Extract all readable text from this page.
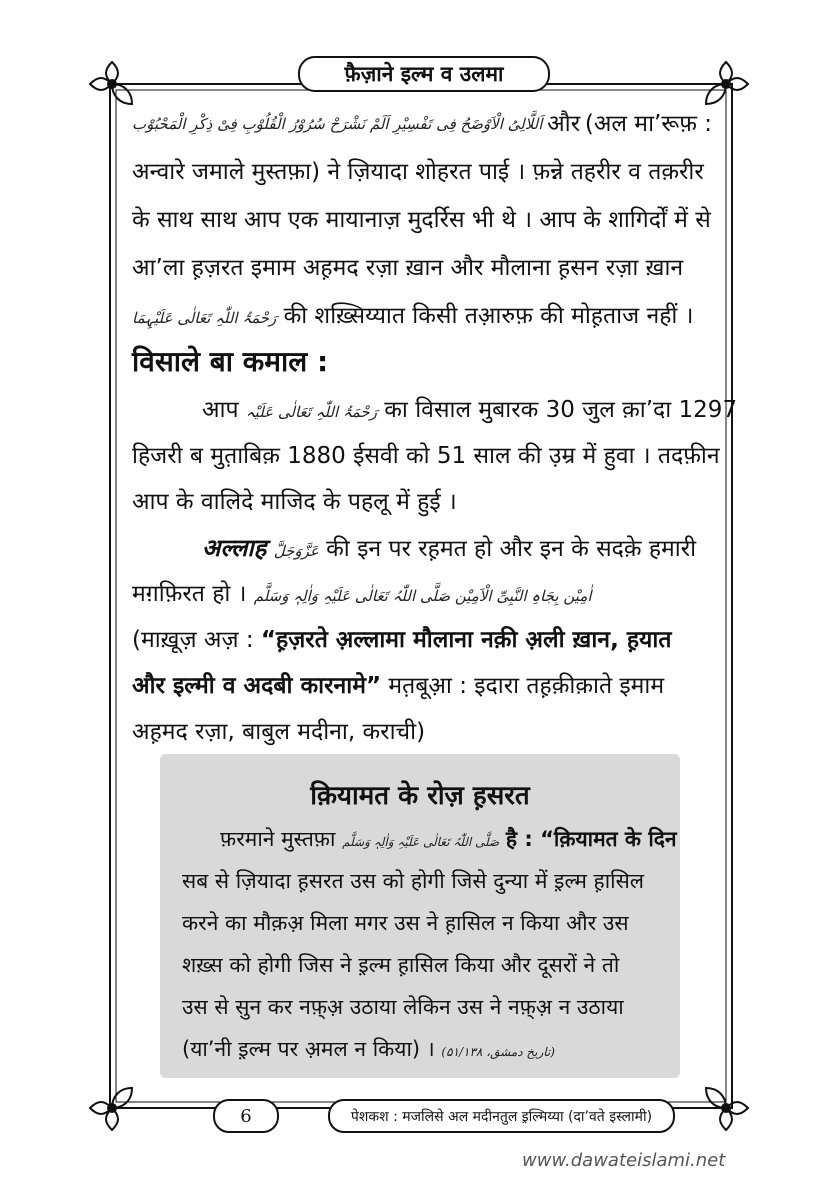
फ़ैज़ाने इल्म व उलमा
سُرُوْرُ الْقُلُوْبِ فِیْ ذِکْرِ الْمَحْبُوْب اَللَّالِیُ الْاَوْضَحُ فِی تَفْسِیْرِ اَلَمْ نَشْرَحْ और (अल मा’रूफ़ :
अन्वारे जमाले मुस्तफ़ा) ने ज़ियादा शोहरत पाई । फ़न्ने तहरीर व तक़रीर
के साथ साथ आप एक मायानाज़ मुदर्रिस भी थे । आप के शागिर्दों में से
आ’ला ह़ज़रत इमाम अह़मद रज़ा ख़ान और मौलाना ह़सन रज़ा ख़ान
رَحْمَۃُ اللّٰہِ تَعَالٰی عَلَیْہِمَا की शख़्सिय्यात किसी तआ़रुफ़ की मोह़ताज नहीं ।
विसाले बा कमाल :
आप رَحْمَۃُ اللّٰہِ تَعَالٰی عَلَیْہ का विसाल मुबारक 30 जुल क़ा’दा 1297
हिजरी ब मुत़ाबिक़ 1880 ईसवी को 51 साल की उ़म्र में हुवा । तदफ़ीन
आप के वालिदे माजिद के पहलू में हुई ।
अल्लाह عَزَّوَجَلَّ की इन पर रह़मत हो और इन के सदके़ हमारी
मग़फ़िरत हो । اٰمِیْن بِجَاہِ النَّبِیِّ الْاَمِیْن صَلَّی اللّٰہُ تَعَالٰی عَلَیْہِ وَاٰلِہٖ وَسَلَّم
(माख़ूज़ अज़ : “ह़ज़रते अ़ल्लामा मौलाना नक़ी अ़ली ख़ान, ह़यात
और इल्मी व अदबी कारनामे” मत़बूआ़ : इदारा तह़क़ीक़ाते इमाम
अह़मद रज़ा, बाबुल मदीना, कराची)
क़ियामत के रोज़ ह़सरत
फ़रमाने मुस्तफ़ा صَلَّی اللّٰہُ تَعَالٰی عَلَیْہِ وَاٰلِہٖ وَسَلَّم है : “क़ियामत के दिन
सब से ज़ियादा ह़सरत उस को होगी जिसे दुन्या में इ़ल्म ह़ासिल
करने का मौक़अ़ मिला मगर उस ने ह़ासिल न किया और उस
शख़्स को होगी जिस ने इ़ल्म ह़ासिल किया और दूसरों ने तो
उस से सुन कर नफ़्अ़ उठाया लेकिन उस ने नफ़्अ़ न उठाया
(या’नी इ़ल्म पर अ़मल न किया) । (تاریخ دمشق، ۵۱/۱۳۸)
6	पेशकश : मजलिसे अल मदीनतुल इ़ल्मिय्या (दा’वते इस्लामी)
www.dawateislami.net
